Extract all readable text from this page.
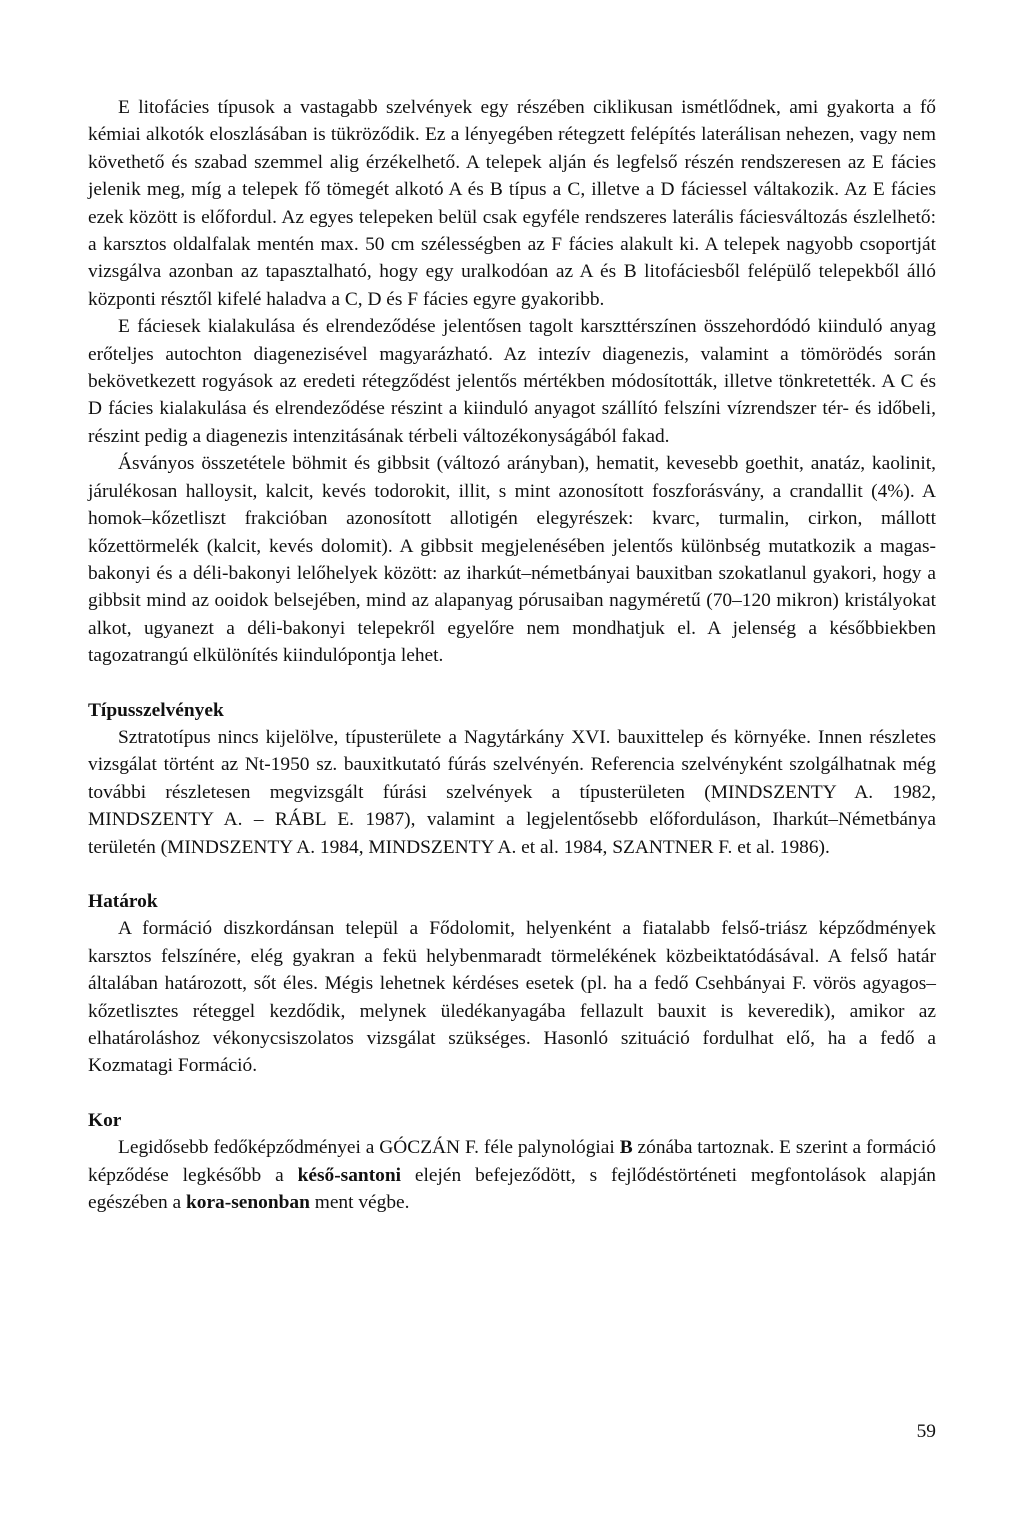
E litofácies típusok a vastagabb szelvények egy részében ciklikusan ismétlődnek, ami gyakorta a fő kémiai alkotók eloszlásában is tükröződik. Ez a lényegében rétegzett felépítés laterálisan nehezen, vagy nem követhető és szabad szemmel alig érzékelhető. A telepek alján és legfelső részén rendszeresen az E fácies jelenik meg, míg a telepek fő tömegét alkotó A és B típus a C, illetve a D fáciessel váltakozik. Az E fácies ezek között is előfordul. Az egyes telepeken belül csak egyféle rendszeres laterális fáciesváltozás észlelhető: a karsztos oldalfalak mentén max. 50 cm szélességben az F fácies alakult ki. A telepek nagyobb csoportját vizsgálva azonban az tapasztalható, hogy egy uralkodóan az A és B litofáciesből felépülő telepekből álló központi résztől kifelé haladva a C, D és F fácies egyre gyakoribb.

E fáciesek kialakulása és elrendeződése jelentősen tagolt karszttérszínen összehordódó kiinduló anyag erőteljes autochton diagenezisével magyarázható. Az intezív diagenezis, valamint a tömörödés során bekövetkezett rogyások az eredeti rétegződést jelentős mértékben módosították, illetve tönkretették. A C és D fácies kialakulása és elrendeződése részint a kiinduló anyagot szállító felszíni vízrendszer tér- és időbeli, részint pedig a diagenezis intenzitásának térbeli változékonyságából fakad.

Ásványos összetétele böhmit és gibbsit (változó arányban), hematit, kevesebb goethit, anatáz, kaolinit, járulékosan halloysit, kalcit, kevés todorokit, illit, s mint azonosított foszforásvány, a crandallit (4%). A homok–kőzetliszt frakcióban azonosított allotigén elegyrészek: kvarc, turmalin, cirkon, mállott kőzettörmelék (kalcit, kevés dolomit). A gibbsit megjelenésében jelentős különbség mutatkozik a magas-bakonyi és a déli-bakonyi lelőhelyek között: az iharkút–németbányai bauxitban szokatlanul gyakori, hogy a gibbsit mind az ooidok belsejében, mind az alapanyag pórusaiban nagyméretű (70–120 mikron) kristályokat alkot, ugyanezt a déli-bakonyi telepekről egyelőre nem mondhatjuk el. A jelenség a későbbiekben tagozatrangú elkülönítés kiindulópontja lehet.

Típusszelvények

Sztratotípus nincs kijelölve, típusterülete a Nagytárkány XVI. bauxittelep és környéke. Innen részletes vizsgálat történt az Nt-1950 sz. bauxitkutató fúrás szelvényén. Referencia szelvényként szolgálhatnak még további részletesen megvizsgált fúrási szelvények a típusterületen (MINDSZENTY A. 1982, MINDSZENTY A. – RÁBL E. 1987), valamint a legjelentősebb előforduláson, Iharkút–Németbánya területén (MINDSZENTY A. 1984, MINDSZENTY A. et al. 1984, SZANTNER F. et al. 1986).

Határok

A formáció diszkordánsan települ a Fődolomit, helyenként a fiatalabb felső-triász képződmények karsztos felszínére, elég gyakran a fekü helybenmaradt törmelékének közbeiktatódásával. A felső határ általában határozott, sőt éles. Mégis lehetnek kérdéses esetek (pl. ha a fedő Csehbányai F. vörös agyagos–kőzetlisztes réteggel kezdődik, melynek üledékanyagába fellazult bauxit is keveredik), amikor az elhatároláshoz vékonycsiszolatos vizsgálat szükséges. Hasonló szituáció fordulhat elő, ha a fedő a Kozmatagi Formáció.

Kor

Legidősebb fedőképződményei a GÓCZÁN F. féle palynológiai B zónába tartoznak. E szerint a formáció képződése legkésőbb a késő-santoni elején befejeződött, s fejlődéstörténeti megfontolások alapján egészében a kora-senonban ment végbe.

59
